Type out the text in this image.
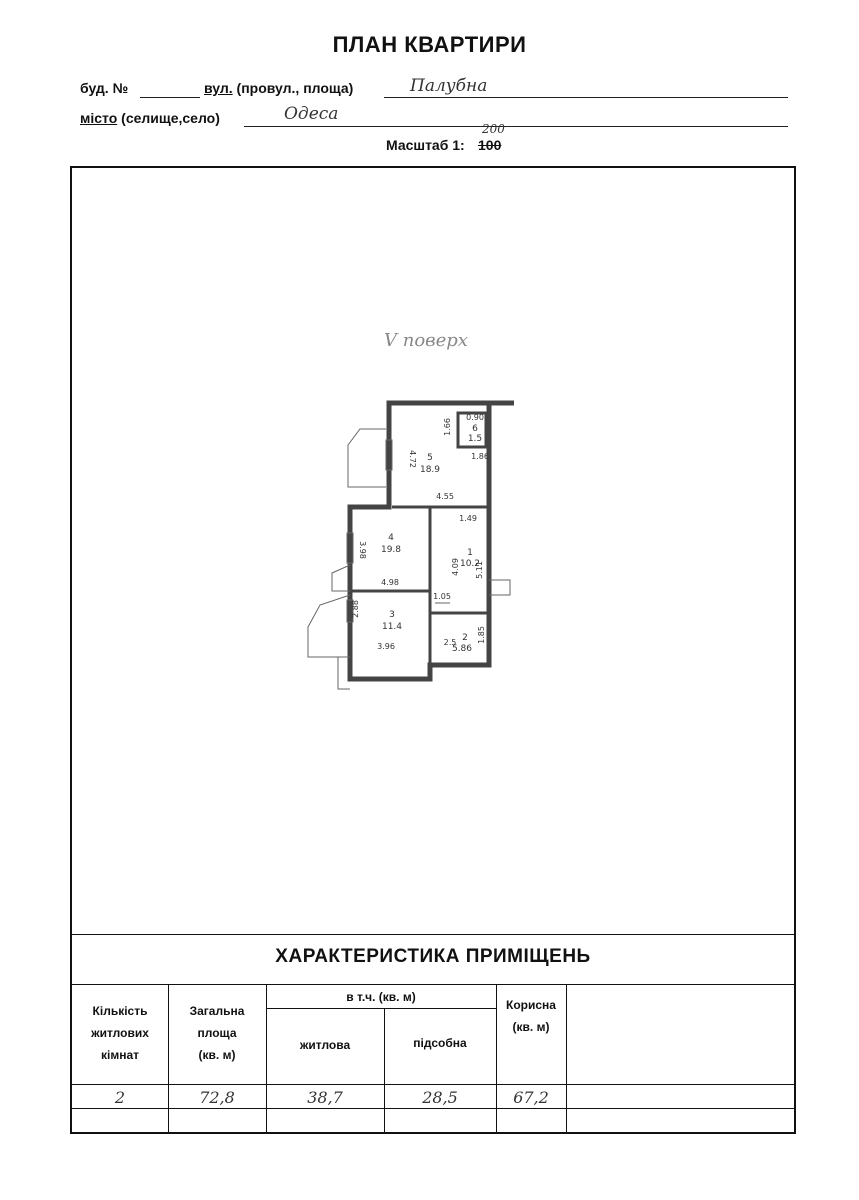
ПЛАН КВАРТИРИ
буд. №	вул. (провул., площа)	Палубна
місто (селище,село)	Одеса
Масштаб 1: 100
200
V поверх
0.90
1.66
4.72	1.86
4.55
1.49
3.98
4.09 5.11
4.98
2.88
1.05
3.96
1.85
2.5
6
1.5
5
18.9
4
19.8	1
10.2
3
11.4
2
5.86
ХАРАКТЕРИСТИКА ПРИМІЩЕНЬ
Кількість
житлових
кімнат
Загальна
площа
(кв. м)
в т.ч. (кв. м)
житлова	підсобна
Корисна
(кв. м)
2	72,8	38,7	28,5	67,2
